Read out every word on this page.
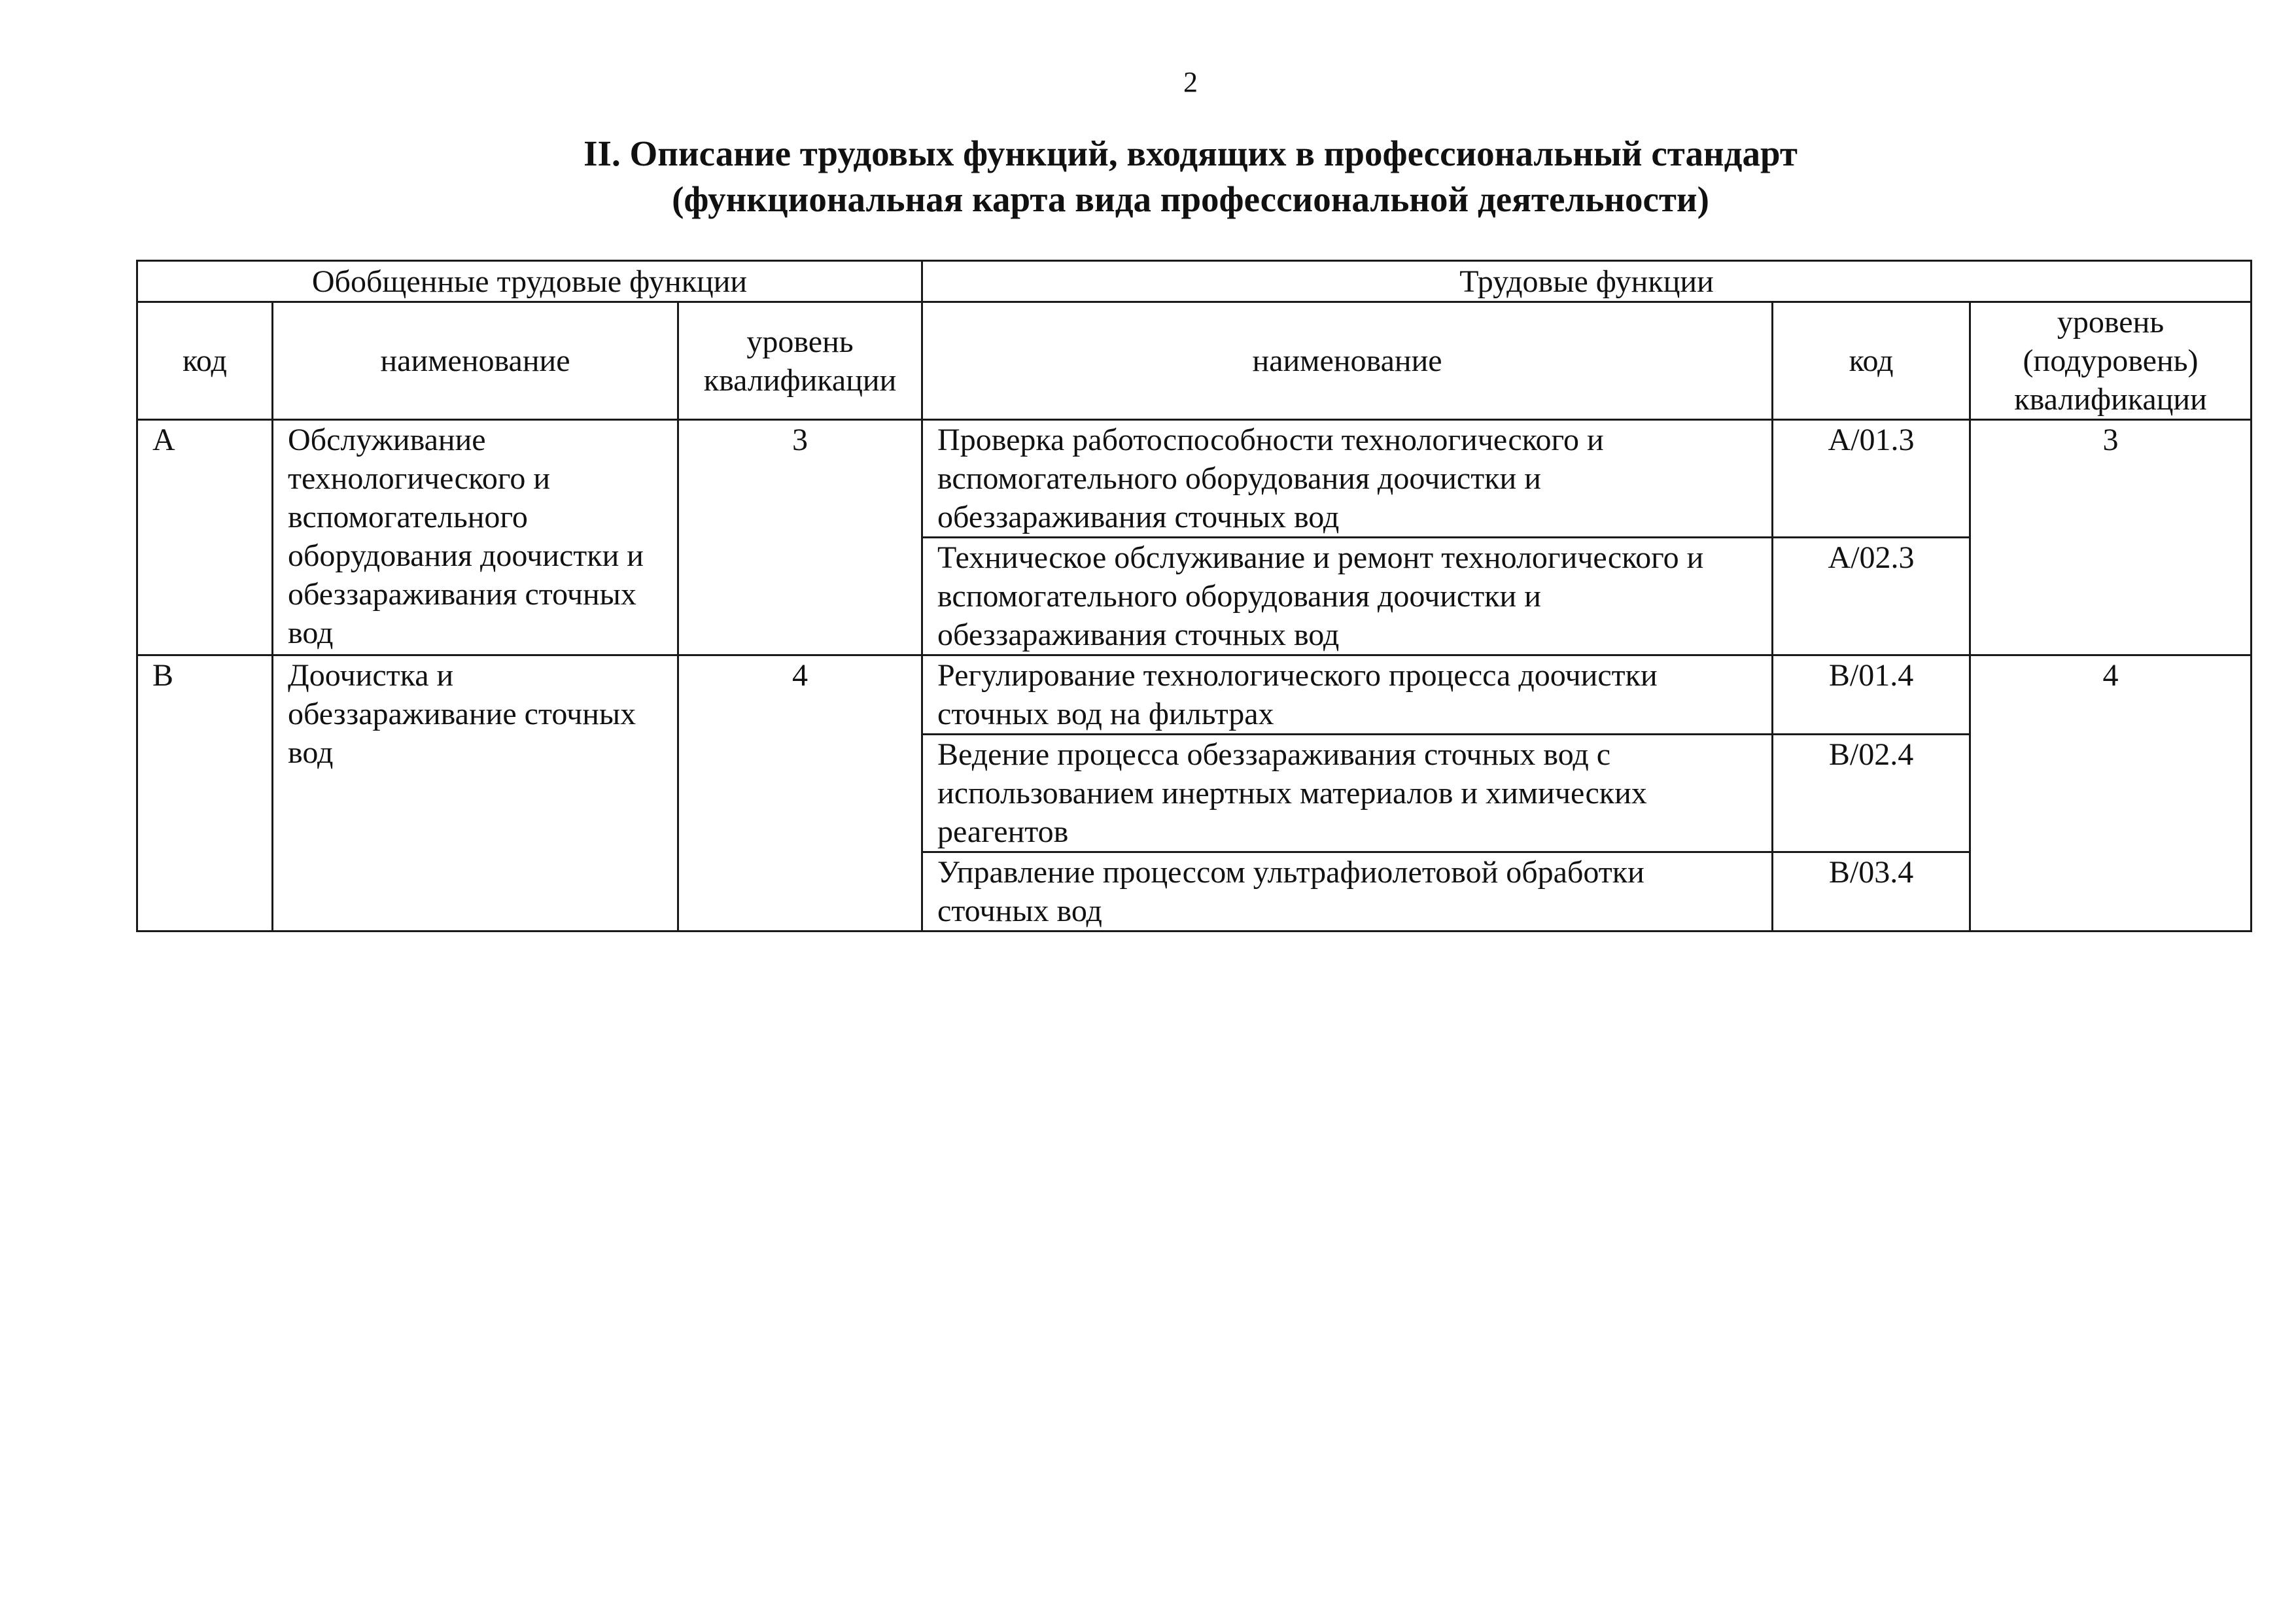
2
II. Описание трудовых функций, входящих в профессиональный стандарт
(функциональная карта вида профессиональной деятельности)
Обобщенные трудовые функции			Трудовые функции		
код	наименование	уровень квалификации	наименование	код	уровень (подуровень) квалификации
A	Обслуживание технологического и вспомогательного оборудования доочистки и обеззараживания сточных вод	3	Проверка работоспособности технологического и вспомогательного оборудования доочистки и обеззараживания сточных вод	A/01.3	3
			Техническое обслуживание и ремонт технологического и вспомогательного оборудования доочистки и обеззараживания сточных вод	A/02.3	
B	Доочистка и обеззараживание сточных вод	4	Регулирование технологического процесса доочистки сточных вод на фильтрах	B/01.4	4
			Ведение процесса обеззараживания сточных вод с использованием инертных материалов и химических реагентов	B/02.4	
			Управление процессом ультрафиолетовой обработки сточных вод	B/03.4	
